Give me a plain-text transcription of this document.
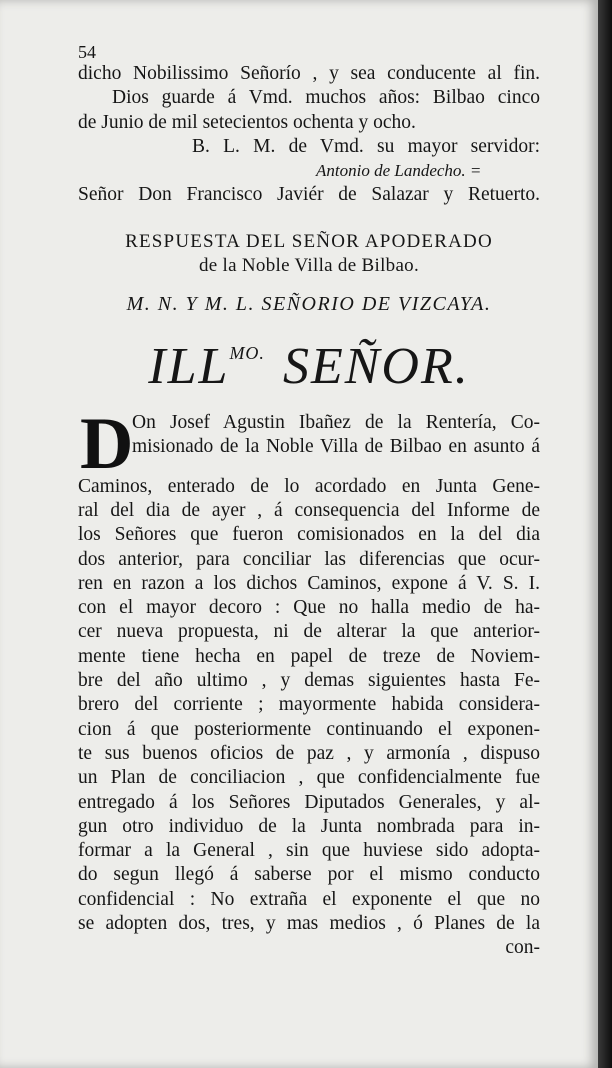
54
dicho Nobilissimo Señorío , y sea conducente al fin.
Dios guarde á Vmd. muchos años: Bilbao cinco
de Junio de mil setecientos ochenta y ocho.
B. L. M. de Vmd. su mayor servidor:
Antonio de Landecho. =
Señor Don Francisco Javiér de Salazar y Retuerto.
RESPUESTA DEL SEÑOR APODERADO
de la Noble Villa de Bilbao.
M. N. Y M. L. SEÑORIO DE VIZCAYA.
$ILL^{MO.}$ SEÑOR.
D
On Josef Agustin Ibañez de la Rentería, Co-
misionado de la Noble Villa de Bilbao en asunto á
Caminos, enterado de lo acordado en Junta Gene-
ral del dia de ayer , á consequencia del Informe de
los Señores que fueron comisionados en la del dia
dos anterior, para conciliar las diferencias que ocur-
ren en razon a los dichos Caminos, expone á V. S. I.
con el mayor decoro : Que no halla medio de ha-
cer nueva propuesta, ni de alterar la que anterior-
mente tiene hecha en papel de treze de Noviem-
bre del año ultimo , y demas siguientes hasta Fe-
brero del corriente ; mayormente habida considera-
cion á que posteriormente continuando el exponen-
te sus buenos oficios de paz , y armonía , dispuso
un Plan de conciliacion , que confidencialmente fue
entregado á los Señores Diputados Generales, y al-
gun otro individuo de la Junta nombrada para in-
formar a la General , sin que huviese sido adopta-
do segun llegó á saberse por el mismo conducto
confidencial : No extraña el exponente el que no
se adopten dos, tres, y mas medios , ó Planes de la
con-
